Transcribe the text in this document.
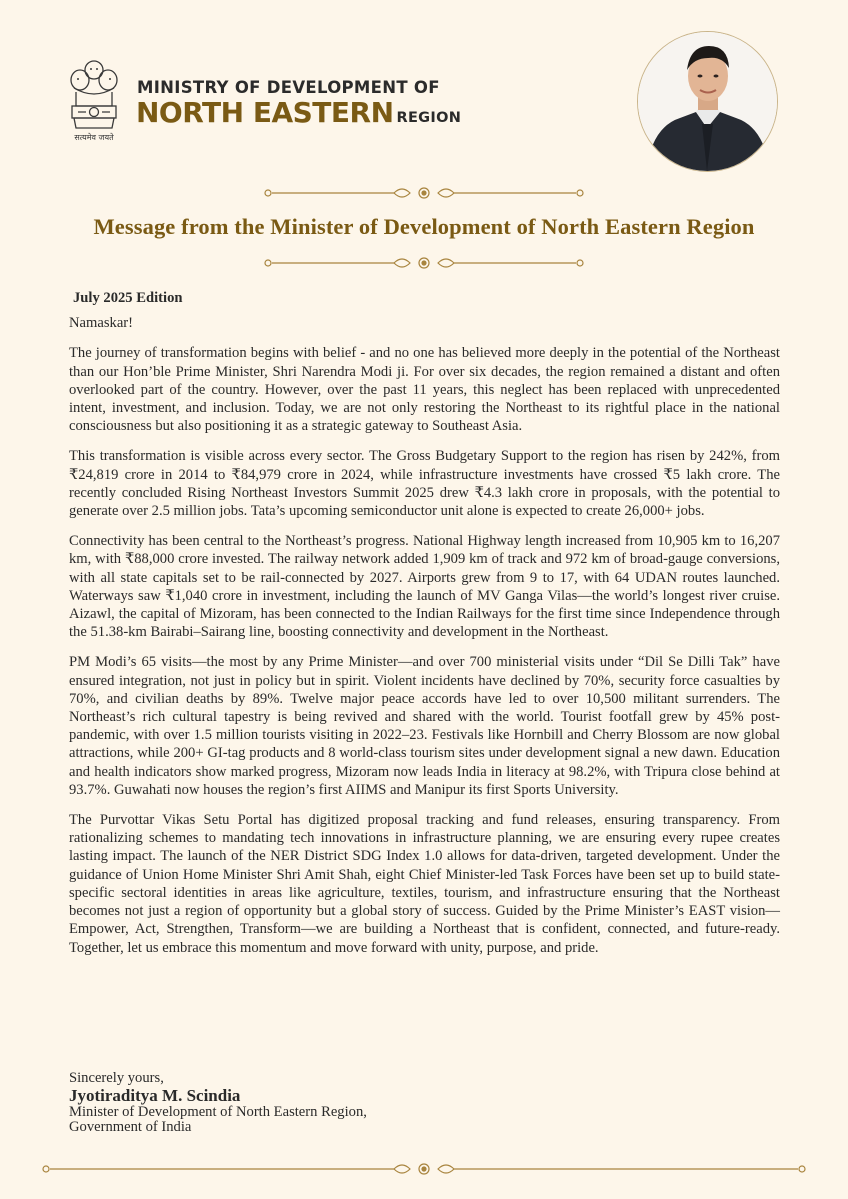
सत्यमेव जयते
MINISTRY OF DEVELOPMENT OF
NORTH EASTERN REGION
Message from the Minister of Development of North Eastern Region
July 2025 Edition
Namaskar!

The journey of transformation begins with belief - and no one has believed more deeply in the potential of the Northeast than our Hon’ble Prime Minister, Shri Narendra Modi ji. For over six decades, the region remained a distant and often overlooked part of the country. However, over the past 11 years, this neglect has been replaced with unprecedented intent, investment, and inclusion. Today, we are not only restoring the Northeast to its rightful place in the national consciousness but also positioning it as a strategic gateway to Southeast Asia.

This transformation is visible across every sector. The Gross Budgetary Support to the region has risen by 242%, from ₹24,819 crore in 2014 to ₹84,979 crore in 2024, while infrastructure investments have crossed ₹5 lakh crore. The recently concluded Rising Northeast Investors Summit 2025 drew ₹4.3 lakh crore in proposals, with the potential to generate over 2.5 million jobs. Tata’s upcoming semiconductor unit alone is expected to create 26,000+ jobs.

Connectivity has been central to the Northeast’s progress. National Highway length increased from 10,905 km to 16,207 km, with ₹88,000 crore invested. The railway network added 1,909 km of track and 972 km of broad-gauge conversions, with all state capitals set to be rail-connected by 2027. Airports grew from 9 to 17, with 64 UDAN routes launched. Waterways saw ₹1,040 crore in investment, including the launch of MV Ganga Vilas—the world’s longest river cruise. Aizawl, the capital of Mizoram, has been connected to the Indian Railways for the first time since Independence through the 51.38-km Bairabi–Sairang line, boosting connectivity and development in the Northeast.

PM Modi’s 65 visits—the most by any Prime Minister—and over 700 ministerial visits under “Dil Se Dilli Tak” have ensured integration, not just in policy but in spirit. Violent incidents have declined by 70%, security force casualties by 70%, and civilian deaths by 89%. Twelve major peace accords have led to over 10,500 militant surrenders. The Northeast’s rich cultural tapestry is being revived and shared with the world. Tourist footfall grew by 45% post-pandemic, with over 1.5 million tourists visiting in 2022–23. Festivals like Hornbill and Cherry Blossom are now global attractions, while 200+ GI-tag products and 8 world-class tourism sites under development signal a new dawn. Education and health indicators show marked progress, Mizoram now leads India in literacy at 98.2%, with Tripura close behind at 93.7%. Guwahati now houses the region’s first AIIMS and Manipur its first Sports University.

The Purvottar Vikas Setu Portal has digitized proposal tracking and fund releases, ensuring transparency. From rationalizing schemes to mandating tech innovations in infrastructure planning, we are ensuring every rupee creates lasting impact. The launch of the NER District SDG Index 1.0 allows for data-driven, targeted development. Under the guidance of Union Home Minister Shri Amit Shah, eight Chief Minister-led Task Forces have been set up to build state-specific sectoral identities in areas like agriculture, textiles, tourism, and infrastructure ensuring that the Northeast becomes not just a region of opportunity but a global story of success. Guided by the Prime Minister’s EAST vision—Empower, Act, Strengthen, Transform—we are building a Northeast that is confident, connected, and future-ready. Together, let us embrace this momentum and move forward with unity, purpose, and pride.

Sincerely yours,
Jyotiraditya M. Scindia
Minister of Development of North Eastern Region,
Government of India
